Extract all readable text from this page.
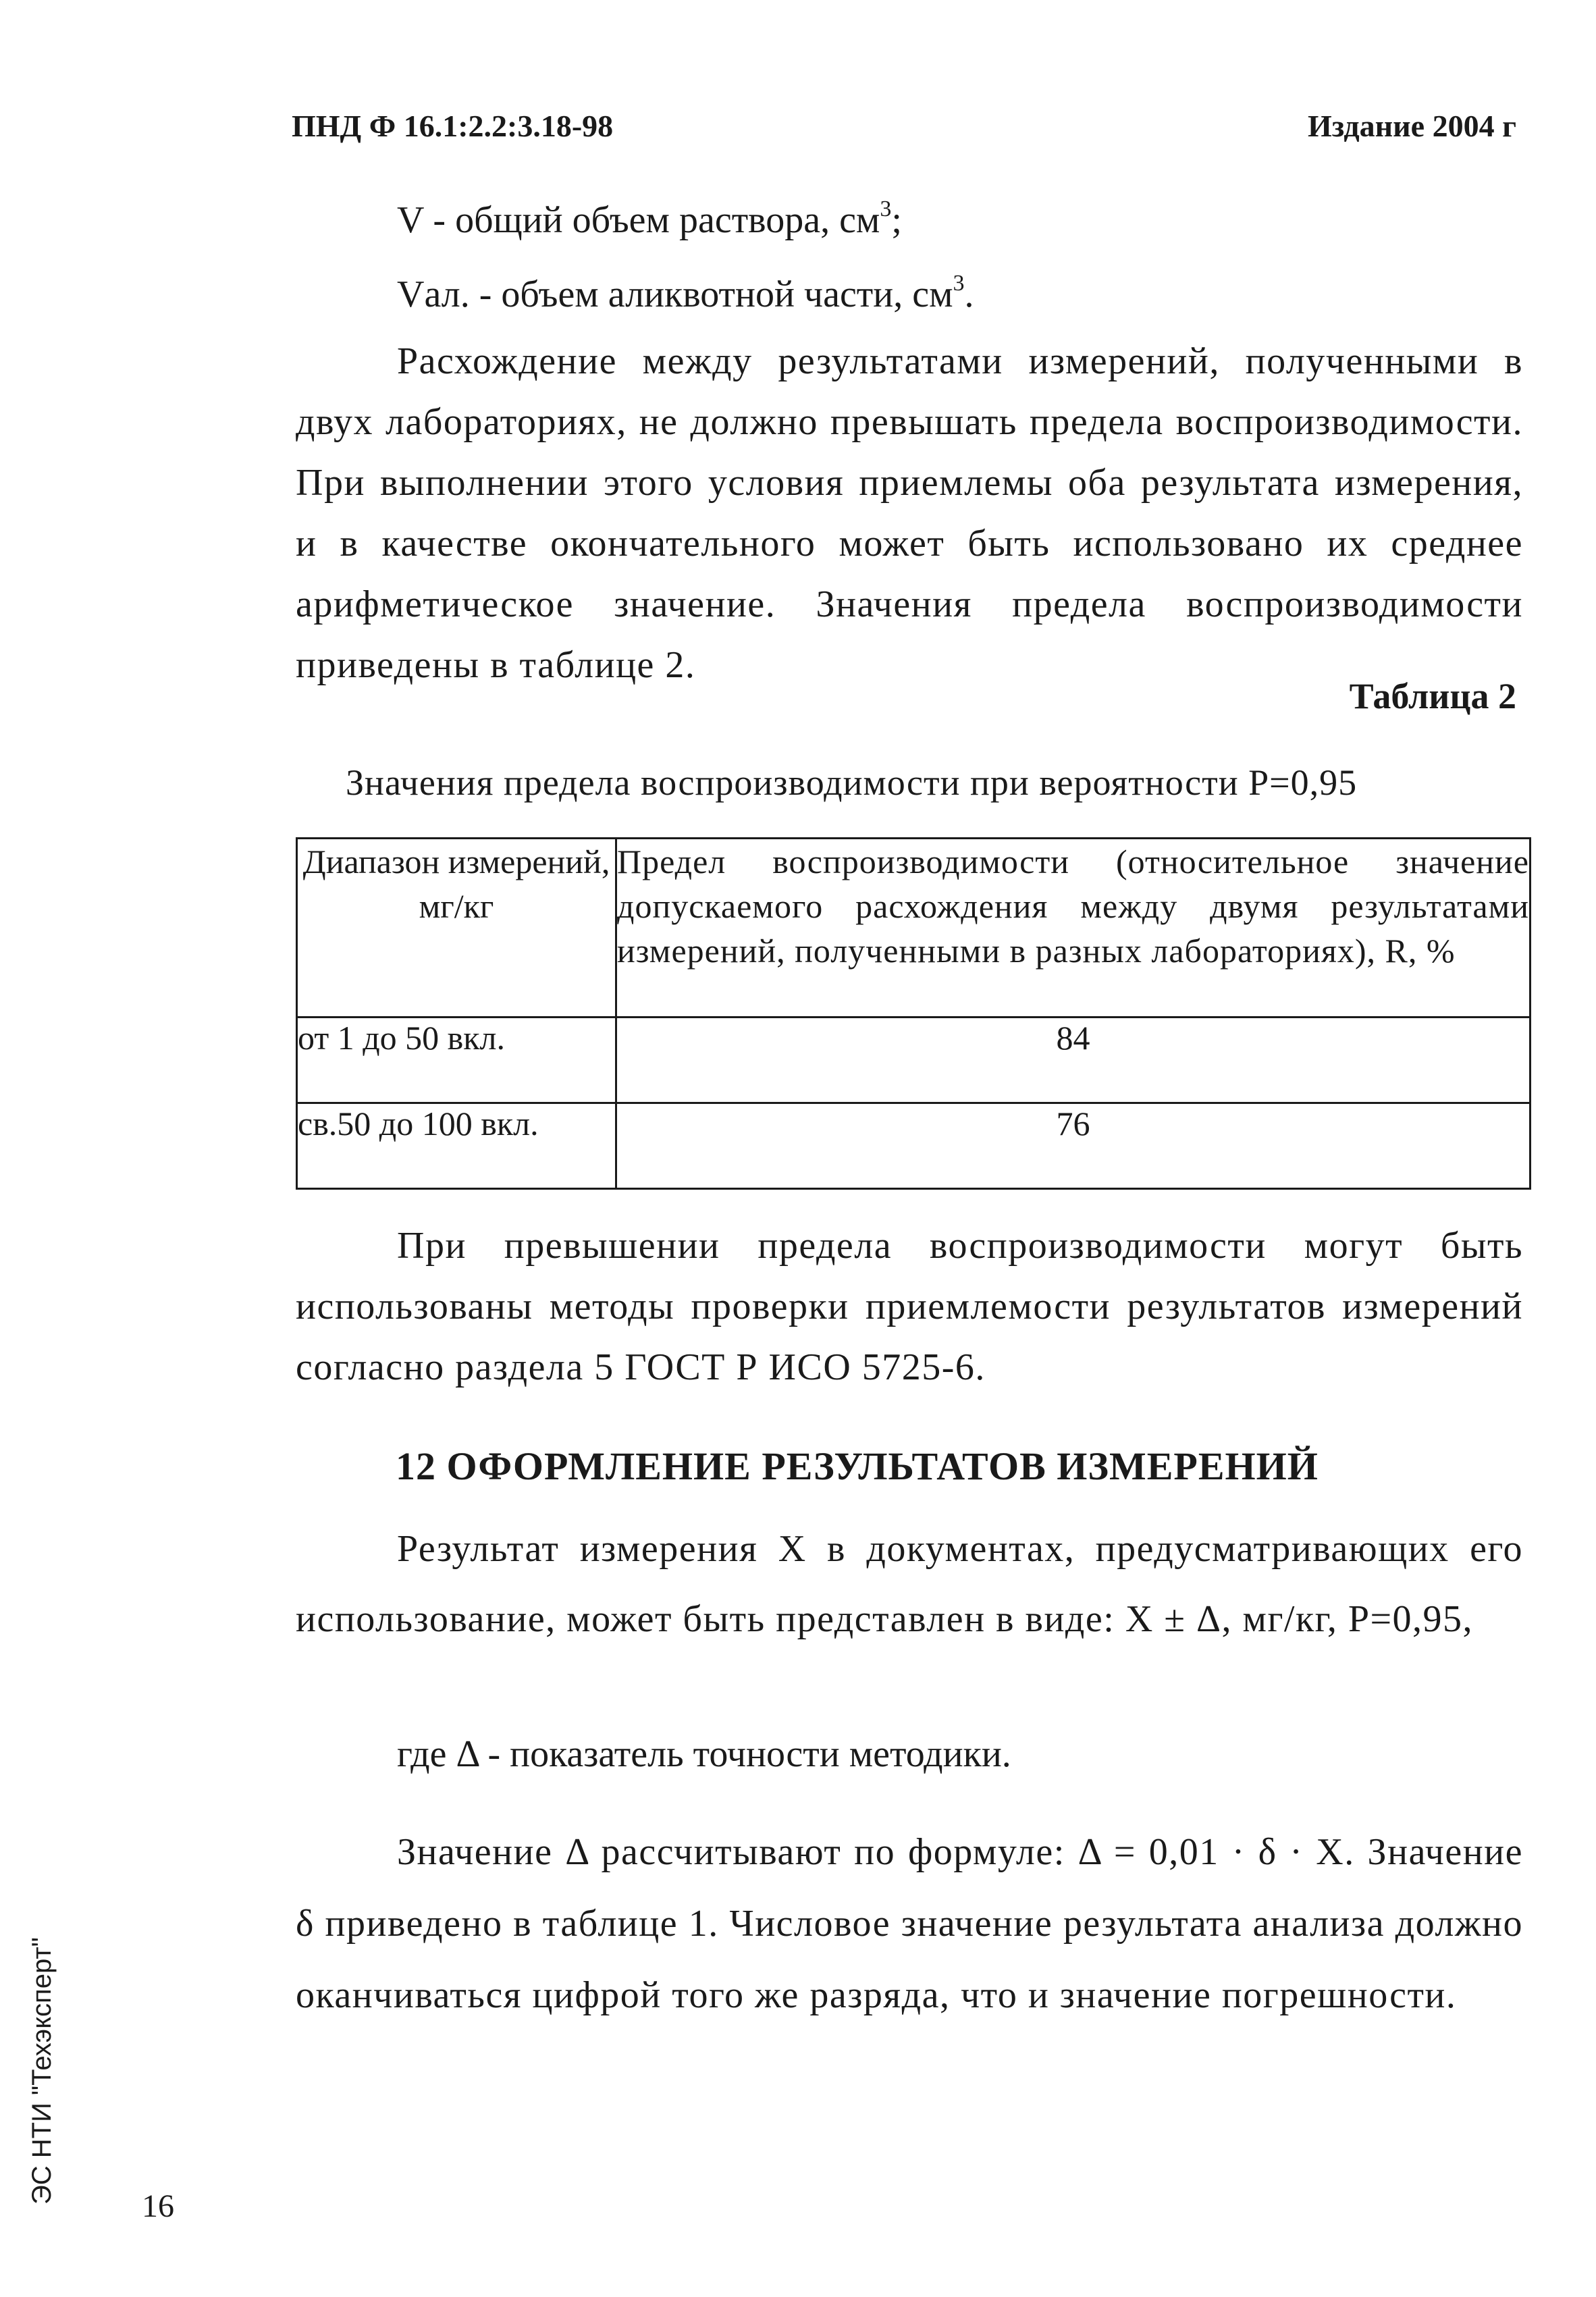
ПНД Ф 16.1:2.2:3.18-98	Издание 2004 г
V - общий объем раствора, $см^3$;
Vал. - объем аликвотной части, $см^3$.
Расхождение между результатами измерений, полученными в двух лабораториях, не должно превышать предела воспроизводимости. При выполнении этого условия приемлемы оба результата измерения, и в качестве окончательного может быть использовано их среднее арифметическое значение. Значения предела воспроизводимости приведены в таблице 2.
Таблица 2
Значения предела воспроизводимости при вероятности Р=0,95
Диапазон измерений, мг/кг	Предел воспроизводимости (относительное значение допускаемого расхождения между двумя результатами измерений, полученными в разных лабораториях), R, %
от 1 до 50 вкл.	84
св.50 до 100 вкл.	76
При превышении предела воспроизводимости могут быть использованы методы проверки приемлемости результатов измерений согласно раздела 5 ГОСТ Р ИСО 5725-6.
12 ОФОРМЛЕНИЕ РЕЗУЛЬТАТОВ ИЗМЕРЕНИЙ
Результат измерения X в документах, предусматривающих его использование, может быть представлен в виде: X ± Δ, мг/кг, Р=0,95,
где Δ - показатель точности методики.
Значение Δ рассчитывают по формуле: Δ = 0,01 · δ · X. Значение δ приведено в таблице 1. Числовое значение результата анализа должно оканчиваться цифрой того же разряда, что и значение погрешности.
ЭС НТИ "Техэксперт"
16
